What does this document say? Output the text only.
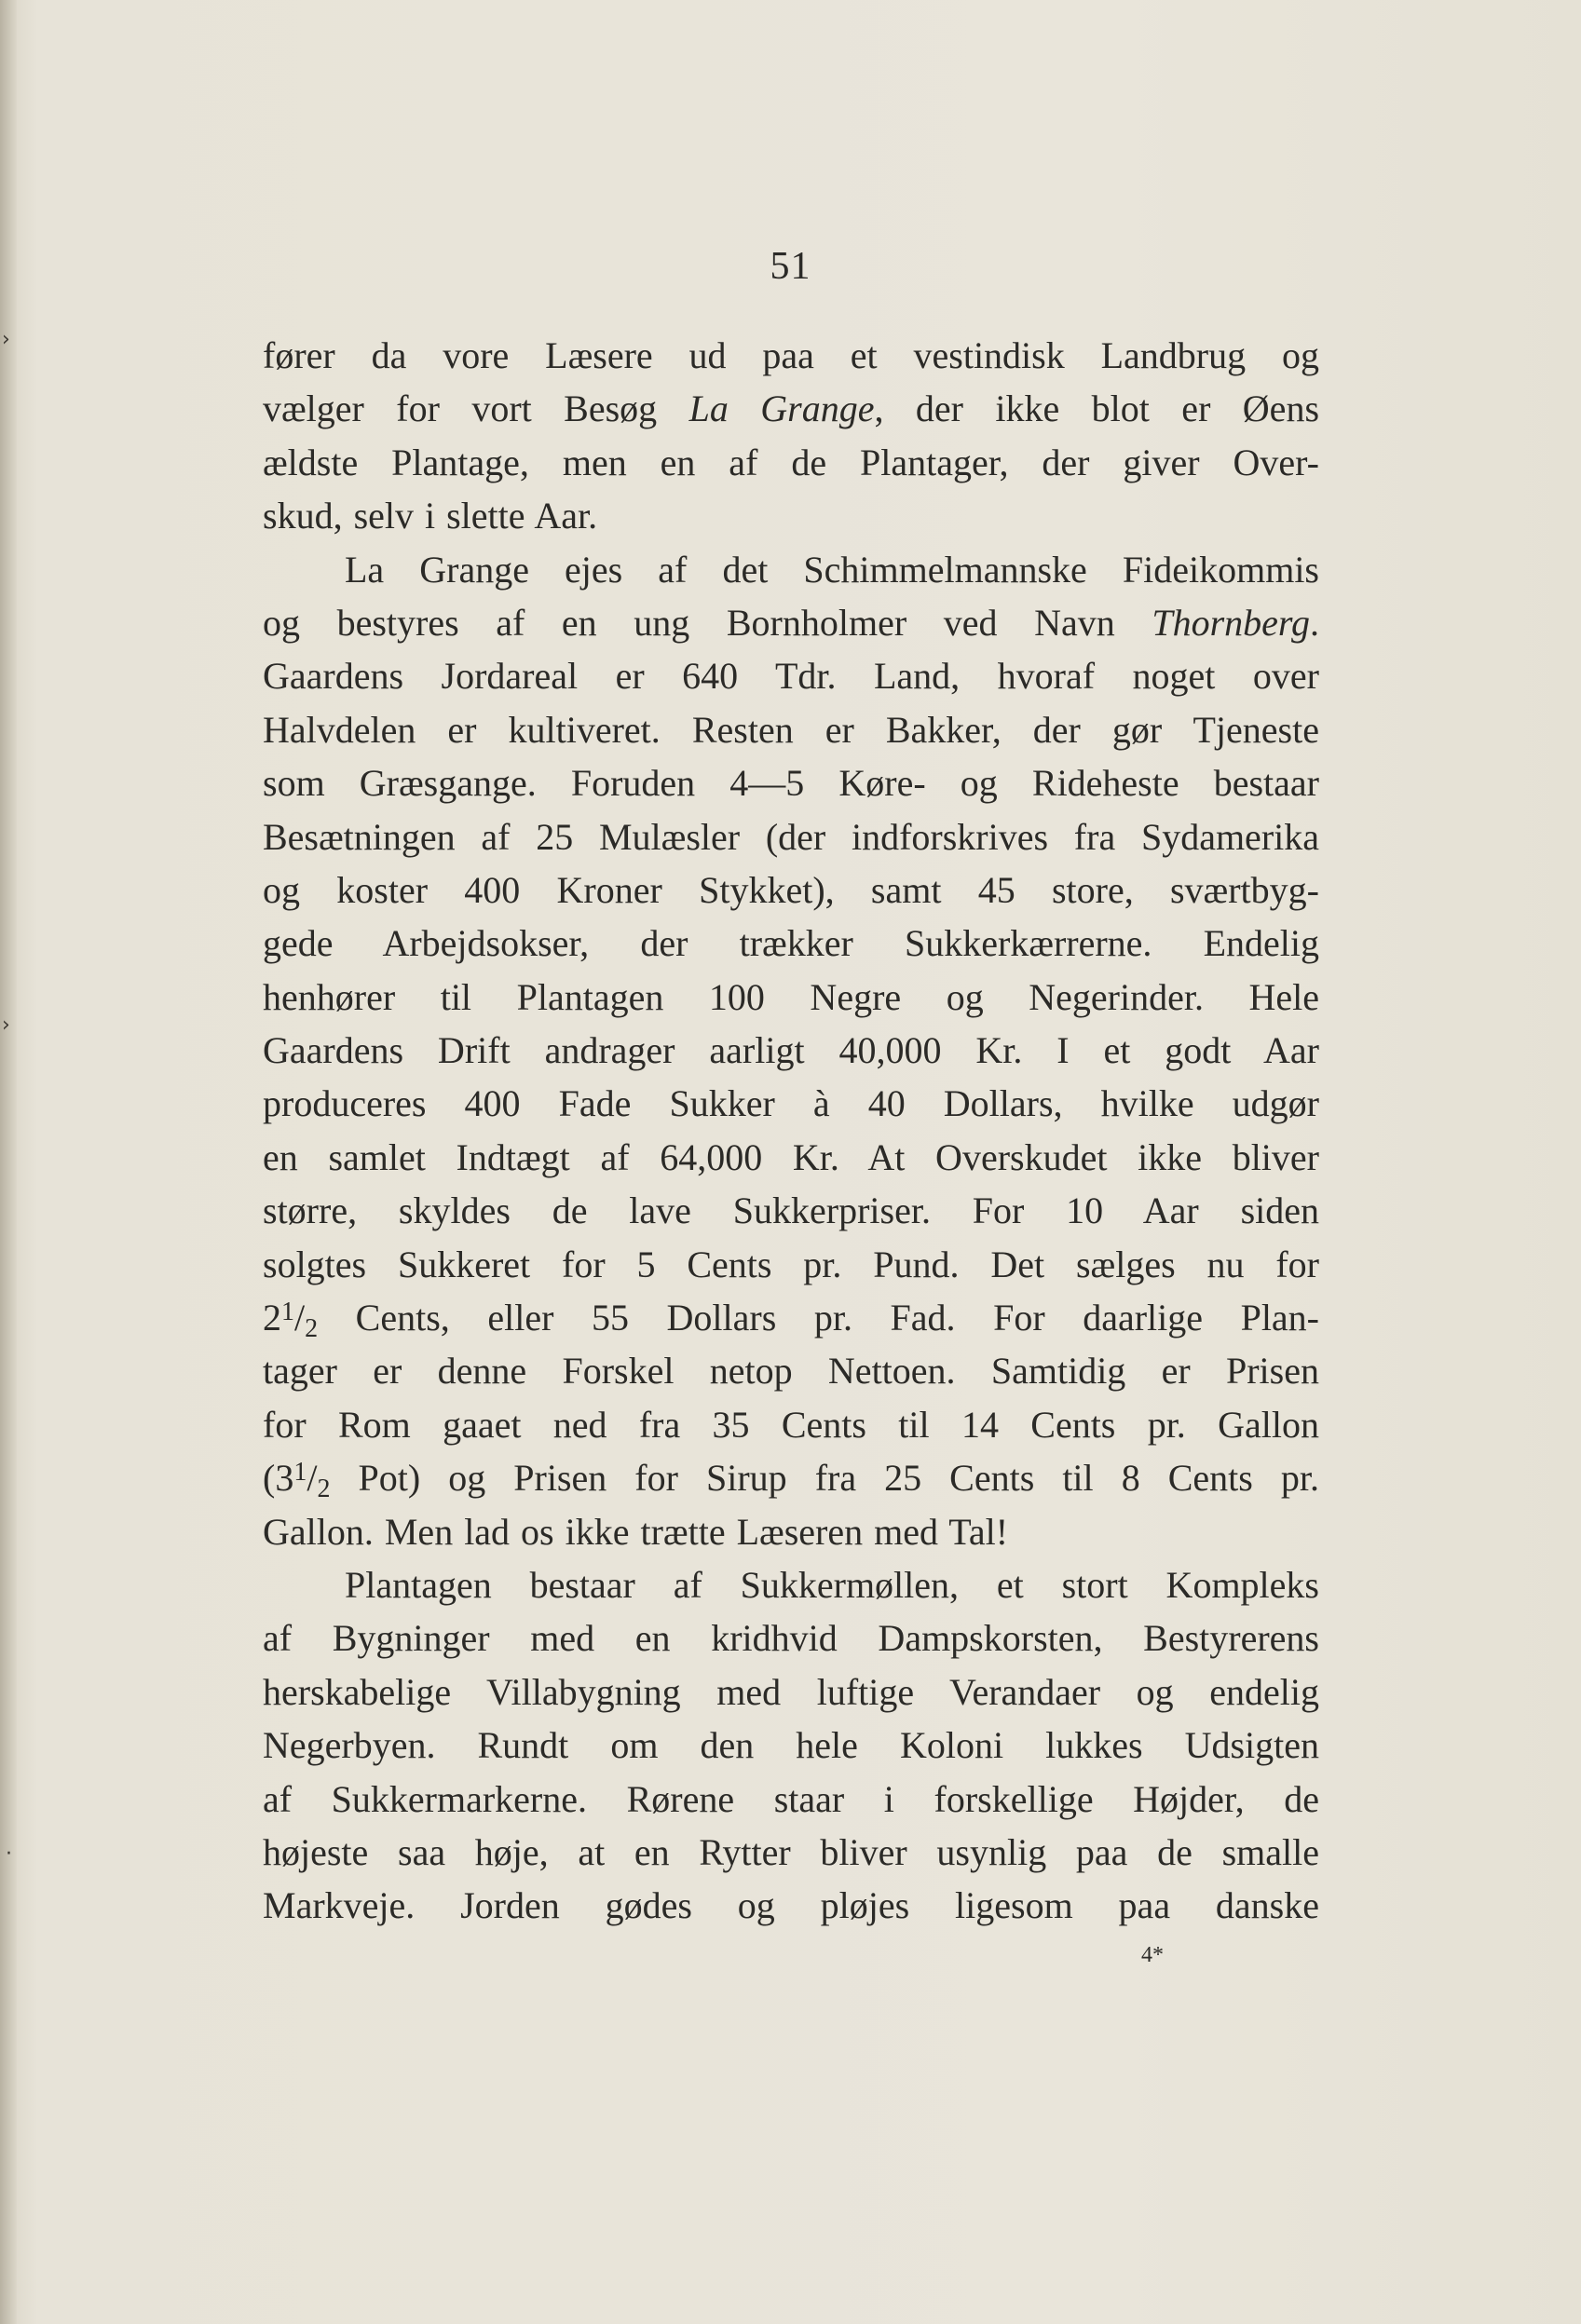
51
fører da vore Læsere ud paa et vestindisk Landbrug og
vælger for vort Besøg La Grange, der ikke blot er Øens
ældste Plantage, men en af de Plantager, der giver Over-
skud, selv i slette Aar.
La Grange ejes af det Schimmelmannske Fideikommis
og bestyres af en ung Bornholmer ved Navn Thornberg.
Gaardens Jordareal er 640 Tdr. Land, hvoraf noget over
Halvdelen er kultiveret. Resten er Bakker, der gør Tjeneste
som Græsgange. Foruden 4—5 Køre- og Rideheste bestaar
Besætningen af 25 Mulæsler (der indforskrives fra Sydamerika
og koster 400 Kroner Stykket), samt 45 store, sværtbyg-
gede Arbejdsokser, der trækker Sukkerkærrerne. Endelig
henhører til Plantagen 100 Negre og Negerinder. Hele
Gaardens Drift andrager aarligt 40,000 Kr. I et godt Aar
produceres 400 Fade Sukker à 40 Dollars, hvilke udgør
en samlet Indtægt af 64,000 Kr. At Overskudet ikke bliver
større, skyldes de lave Sukkerpriser. For 10 Aar siden
solgtes Sukkeret for 5 Cents pr. Pund. Det sælges nu for
$2^1/2$ Cents, eller 55 Dollars pr. Fad. For daarlige Plan-
tager er denne Forskel netop Nettoen. Samtidig er Prisen
for Rom gaaet ned fra 35 Cents til 14 Cents pr. Gallon
($3^1/2$ Pot) og Prisen for Sirup fra 25 Cents til 8 Cents pr.
Gallon. Men lad os ikke trætte Læseren med Tal!
Plantagen bestaar af Sukkermøllen, et stort Kompleks
af Bygninger med en kridhvid Dampskorsten, Bestyrerens
herskabelige Villabygning med luftige Verandaer og endelig
Negerbyen. Rundt om den hele Koloni lukkes Udsigten
af Sukkermarkerne. Rørene staar i forskellige Højder, de
højeste saa høje, at en Rytter bliver usynlig paa de smalle
Markveje. Jorden gødes og pløjes ligesom paa danske
4*
›
›
·
